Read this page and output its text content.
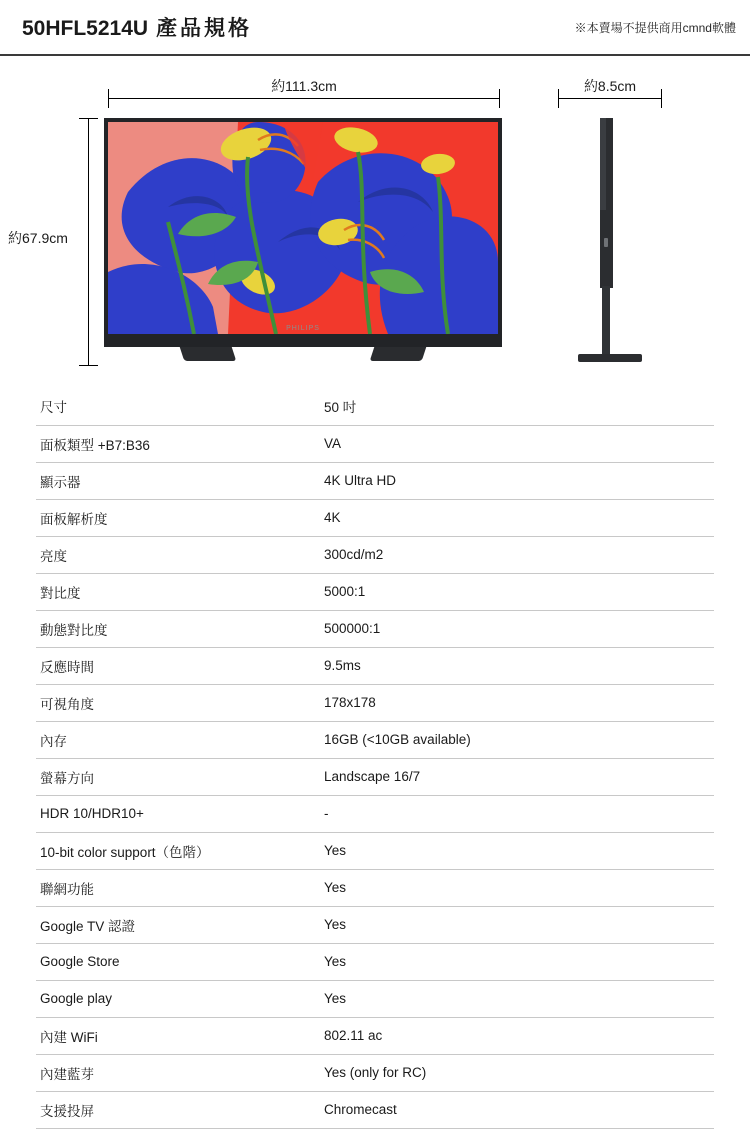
50HFL5214U 產品規格	※本賣場不提供商用cmnd軟體
約111.3cm	約8.5cm
約67.9cm
PHILIPS
尺寸	50 吋
面板類型 +B7:B36	VA
顯示器	4K Ultra HD
面板解析度	4K
亮度	300cd/m2
對比度	5000:1
動態對比度	500000:1
反應時間	9.5ms
可視角度	178x178
內存	16GB (<10GB available)
螢幕方向	Landscape 16/7
HDR 10/HDR10+	-
10-bit color support（色階）	Yes
聯網功能	Yes
Google TV 認證	Yes
Google Store	Yes
Google play	Yes
內建 WiFi	802.11 ac
內建藍芽	Yes (only for RC)
支援投屏	Chromecast
